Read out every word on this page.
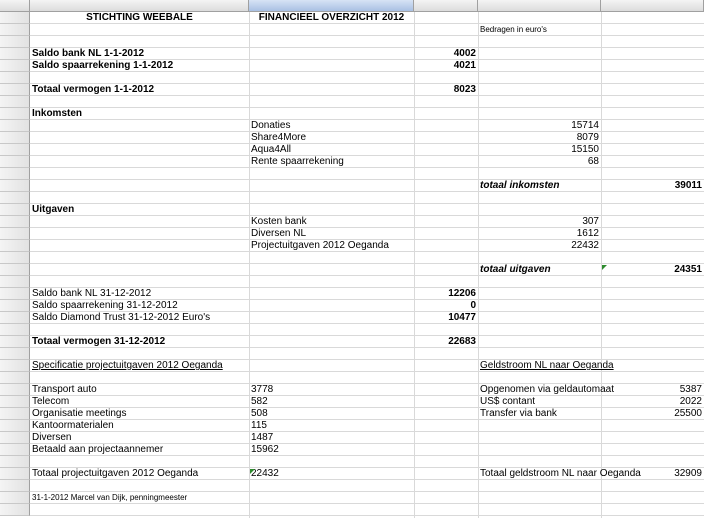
STICHTING WEEBALE	FINANCIEEL OVERZICHT 2012
Bedragen in euro's
Saldo bank NL 1-1-2012	4002
Saldo spaarrekening 1-1-2012	4021
Totaal vermogen 1-1-2012	8023
Inkomsten
Donaties	15714
Share4More	8079
Aqua4All	15150
Rente spaarrekening	68
totaal inkomsten	39011
Uitgaven
Kosten bank	307
Diversen NL	1612
Projectuitgaven 2012 Oeganda	22432
totaal uitgaven	24351
Saldo bank NL 31-12-2012	12206
Saldo spaarrekening 31-12-2012	0
Saldo Diamond Trust 31-12-2012 Euro's	10477
Totaal vermogen 31-12-2012	22683
Specificatie projectuitgaven 2012 Oeganda	Geldstroom NL naar Oeganda
Transport auto	3778	Opgenomen via geldautomaat	5387
Telecom	582	US$ contant	2022
Organisatie meetings	508	Transfer via bank	25500
Kantoormaterialen	115
Diversen	1487
Betaald aan projectaannemer	15962
Totaal projectuitgaven 2012 Oeganda	22432	Totaal geldstroom NL naar Oeganda	32909
31-1-2012 Marcel van Dijk, penningmeester
